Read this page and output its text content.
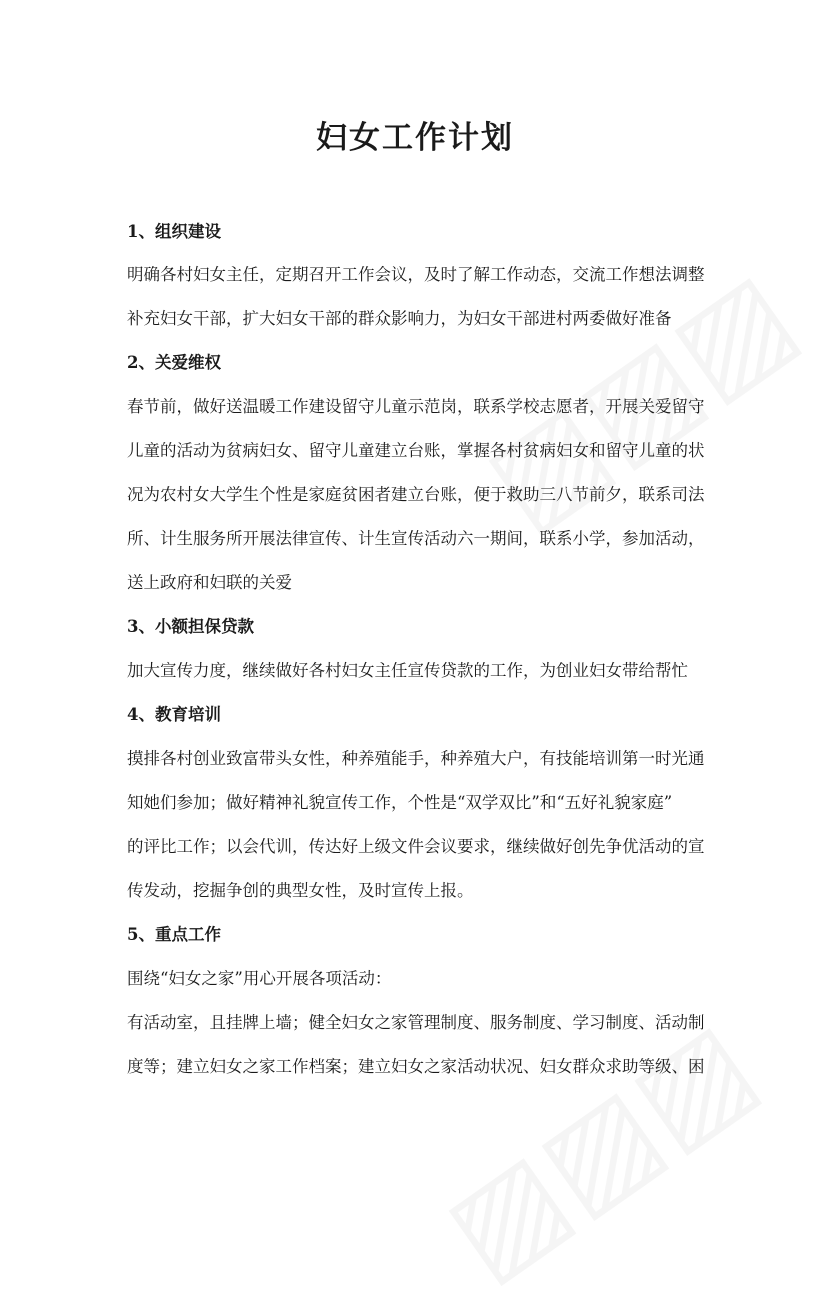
妇女工作计划
1、组织建设
明确各村妇女主任，定期召开工作会议，及时了解工作动态，交流工作想法调整
补充妇女干部，扩大妇女干部的群众影响力，为妇女干部进村两委做好准备
2、关爱维权
春节前，做好送温暖工作建设留守儿童示范岗，联系学校志愿者，开展关爱留守
儿童的活动为贫病妇女、留守儿童建立台账，掌握各村贫病妇女和留守儿童的状
况为农村女大学生个性是家庭贫困者建立台账，便于救助三八节前夕，联系司法
所、计生服务所开展法律宣传、计生宣传活动六一期间，联系小学，参加活动，
送上政府和妇联的关爱
3、小额担保贷款
加大宣传力度，继续做好各村妇女主任宣传贷款的工作，为创业妇女带给帮忙
4、教育培训
摸排各村创业致富带头女性，种养殖能手，种养殖大户，有技能培训第一时光通
知她们参加；做好精神礼貌宣传工作，个性是“双学双比”和“五好礼貌家庭”
的评比工作；以会代训，传达好上级文件会议要求，继续做好创先争优活动的宣
传发动，挖掘争创的典型女性，及时宣传上报。
5、重点工作
围绕“妇女之家”用心开展各项活动：
有活动室，且挂牌上墙；健全妇女之家管理制度、服务制度、学习制度、活动制
度等；建立妇女之家工作档案；建立妇女之家活动状况、妇女群众求助等级、困
